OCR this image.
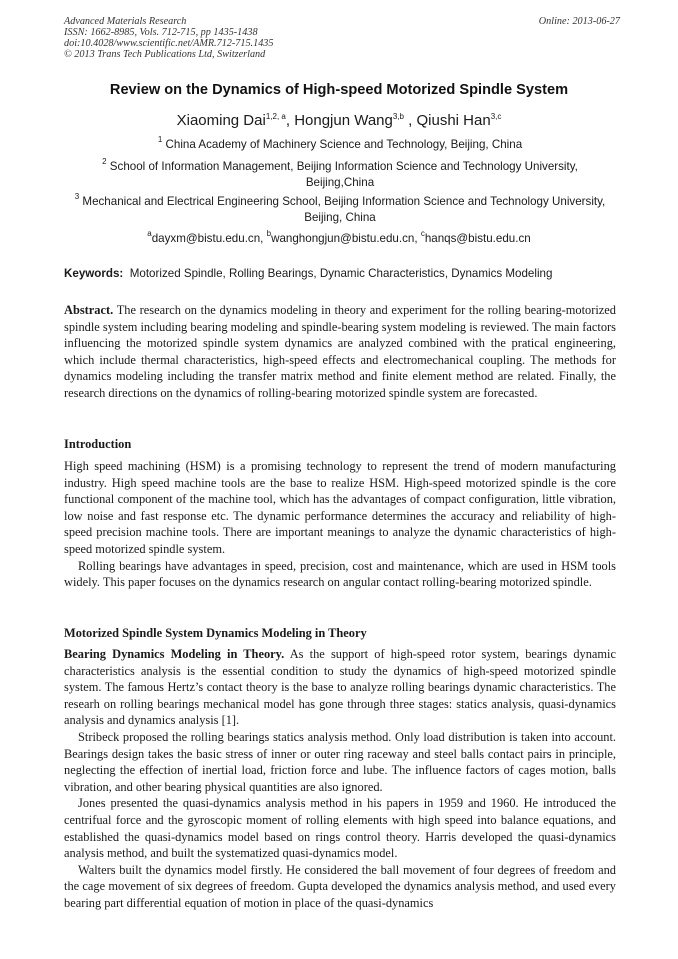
Advanced Materials Research
ISSN: 1662-8985, Vols. 712-715, pp 1435-1438
doi:10.4028/www.scientific.net/AMR.712-715.1435
© 2013 Trans Tech Publications Ltd, Switzerland
Online: 2013-06-27
Review on the Dynamics of High-speed Motorized Spindle System
Xiaoming Dai$^{1,2, a}$, Hongjun Wang$^{3,b}$ , Qiushi Han$^{3,c}$
$^1$ China Academy of Machinery Science and Technology, Beijing, China
$^2$ School of Information Management, Beijing Information Science and Technology University, Beijing,China
$^3$ Mechanical and Electrical Engineering School, Beijing Information Science and Technology University, Beijing, China
$^a$dayxm@bistu.edu.cn, $^b$wanghongjun@bistu.edu.cn, $^c$hanqs@bistu.edu.cn
Keywords: Motorized Spindle, Rolling Bearings, Dynamic Characteristics, Dynamics Modeling

Abstract. The research on the dynamics modeling in theory and experiment for the rolling bearing-motorized spindle system including bearing modeling and spindle-bearing system modeling is reviewed. The main factors influencing the motorized spindle system dynamics are analyzed combined with the pratical engineering, which include thermal characteristics, high-speed effects and electromechanical coupling. The methods for dynamics modeling including the transfer matrix method and finite element method are related. Finally, the research directions on the dynamics of rolling-bearing motorized spindle system are forecasted.

Introduction

High speed machining (HSM) is a promising technology to represent the trend of modern manufacturing industry. High speed machine tools are the base to realize HSM. High-speed motorized spindle is the core functional component of the machine tool, which has the advantages of compact configuration, little vibration, low noise and fast response etc. The dynamic performance determines the accuracy and reliability of high-speed precision machine tools. There are important meanings to analyze the dynamic characteristics of high-speed motorized spindle system.

Rolling bearings have advantages in speed, precision, cost and maintenance, which are used in HSM tools widely. This paper focuses on the dynamics research on angular contact rolling-bearing motorized spindle.

Motorized Spindle System Dynamics Modeling in Theory

Bearing Dynamics Modeling in Theory. As the support of high-speed rotor system, bearings dynamic characteristics analysis is the essential condition to study the dynamics of high-speed motorized spindle system. The famous Hertz’s contact theory is the base to analyze rolling bearings dynamic characteristics. The researh on rolling bearings mechanical model has gone through three stages: statics analysis, quasi-dynamics analysis and dynamics analysis [1].

Stribeck proposed the rolling bearings statics analysis method. Only load distribution is taken into account. Bearings design takes the basic stress of inner or outer ring raceway and steel balls contact pairs in principle, neglecting the effection of inertial load, friction force and lube. The influence factors of cages motion, balls vibration, and other bearing physical quantities are also ignored.

Jones presented the quasi-dynamics analysis method in his papers in 1959 and 1960. He introduced the centrifual force and the gyroscopic moment of rolling elements with high speed into balance equations, and established the quasi-dynamics model based on rings control theory. Harris developed the quasi-dynamics analysis method, and built the systematized quasi-dynamics model.

Walters built the dynamics model firstly. He considered the ball movement of four degrees of freedom and the cage movement of six degrees of freedom. Gupta developed the dynamics analysis method, and used every bearing part differential equation of motion in place of the quasi-dynamics
